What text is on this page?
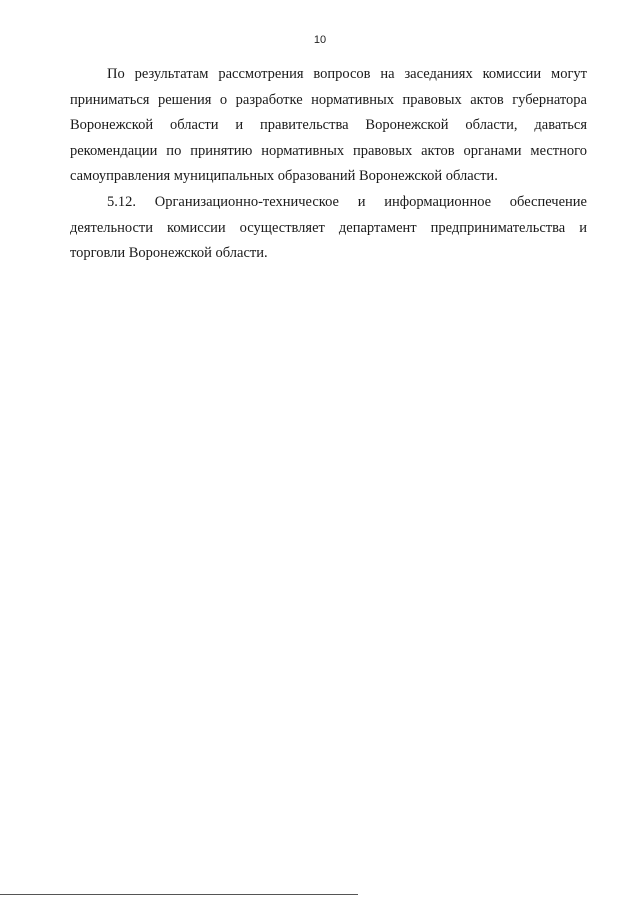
10

По результатам рассмотрения вопросов на заседаниях комиссии могут приниматься решения о разработке нормативных правовых актов губернатора Воронежской области и правительства Воронежской области, даваться рекомендации по принятию нормативных правовых актов органами местного самоуправления муниципальных образований Воронежской области.

5.12. Организационно-техническое и информационное обеспечение деятельности комиссии осуществляет департамент предпринимательства и торговли Воронежской области.
